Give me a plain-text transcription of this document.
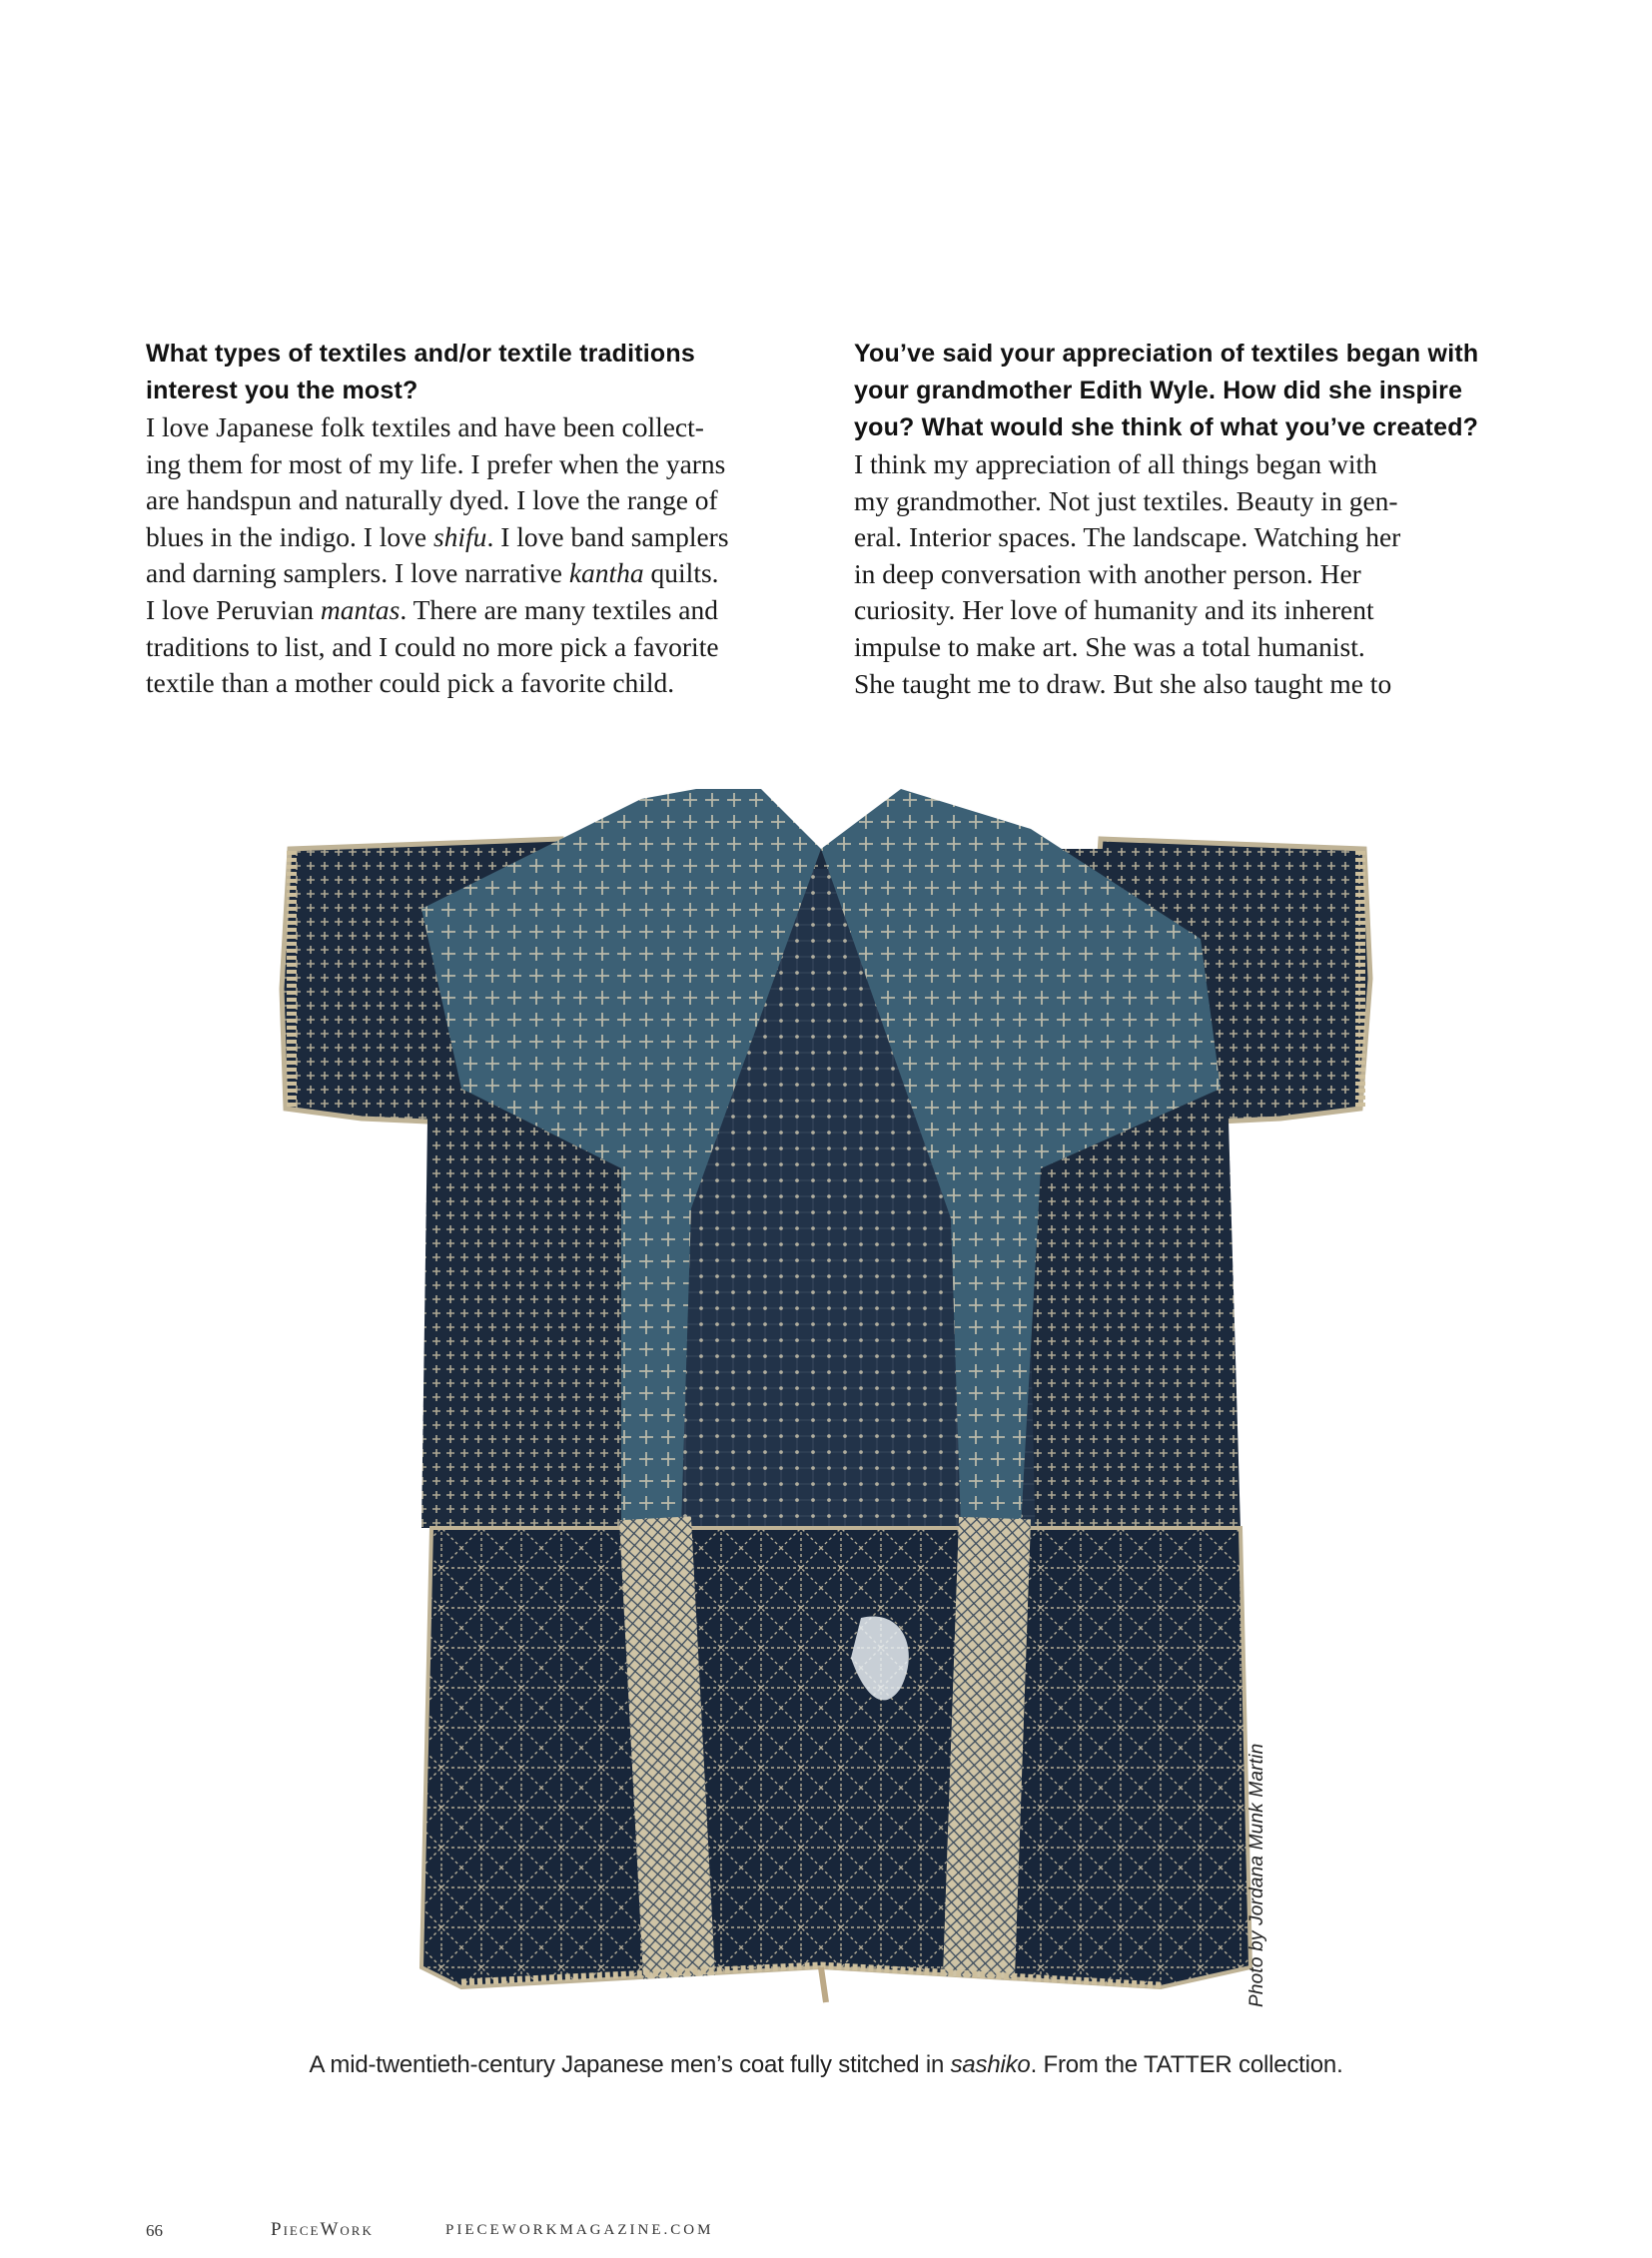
What types of textiles and/or textile traditions
interest you the most?

I love Japanese folk textiles and have been collect-
ing them for most of my life. I prefer when the yarns
are handspun and naturally dyed. I love the range of
blues in the indigo. I love shifu. I love band samplers
and darning samplers. I love narrative kantha quilts.
I love Peruvian mantas. There are many textiles and
traditions to list, and I could no more pick a favorite
textile than a mother could pick a favorite child.

You’ve said your appreciation of textiles began with
your grandmother Edith Wyle. How did she inspire
you? What would she think of what you’ve created?

I think my appreciation of all things began with
my grandmother. Not just textiles. Beauty in gen-
eral. Interior spaces. The landscape. Watching her
in deep conversation with another person. Her
curiosity. Her love of humanity and its inherent
impulse to make art. She was a total humanist.
She taught me to draw. But she also taught me to

Photo by Jordana Munk Martin
A mid-twentieth-century Japanese men’s coat fully stitched in sashiko. From the TATTER collection.
66	PieceWork	PIECEWORKMAGAZINE.COM
